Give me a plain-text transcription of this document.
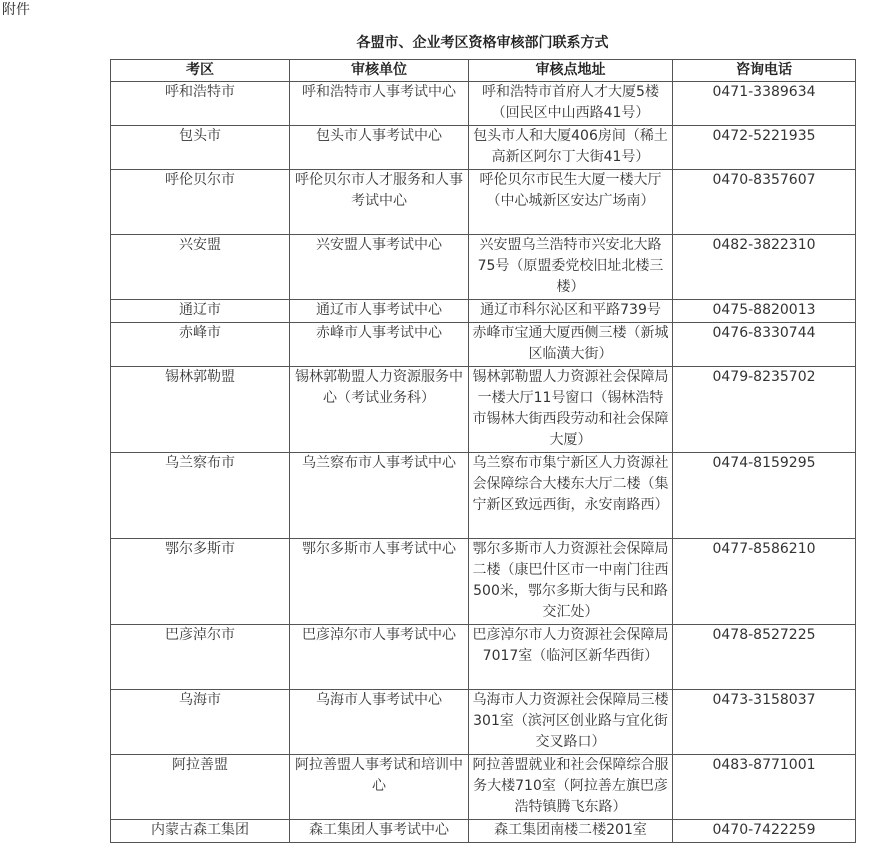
附件
各盟市、企业考区资格审核部门联系方式
考区	审核单位	审核点地址	咨询电话
呼和浩特市	呼和浩特市人事考试中心	呼和浩特市首府人才大厦5楼（回民区中山西路41号）	0471-3389634
包头市	包头市人事考试中心	包头市人和大厦406房间（稀土高新区阿尔丁大街41号）	0472-5221935
呼伦贝尔市	呼伦贝尔市人才服务和人事考试中心	呼伦贝尔市民生大厦一楼大厅（中心城新区安达广场南）	0470-8357607
兴安盟	兴安盟人事考试中心	兴安盟乌兰浩特市兴安北大路75号（原盟委党校旧址北楼三楼）	0482-3822310
通辽市	通辽市人事考试中心	通辽市科尔沁区和平路739号	0475-8820013
赤峰市	赤峰市人事考试中心	赤峰市宝通大厦西侧三楼（新城区临潢大街）	0476-8330744
锡林郭勒盟	锡林郭勒盟人力资源服务中心（考试业务科）	锡林郭勒盟人力资源社会保障局一楼大厅11号窗口（锡林浩特市锡林大街西段劳动和社会保障大厦）	0479-8235702
乌兰察布市	乌兰察布市人事考试中心	乌兰察布市集宁新区人力资源社会保障综合大楼东大厅二楼（集宁新区致远西街，永安南路西）	0474-8159295
鄂尔多斯市	鄂尔多斯市人事考试中心	鄂尔多斯市人力资源社会保障局二楼（康巴什区市一中南门往西500米，鄂尔多斯大街与民和路交汇处）	0477-8586210
巴彦淖尔市	巴彦淖尔市人事考试中心	巴彦淖尔市人力资源社会保障局7017室（临河区新华西街）	0478-8527225
乌海市	乌海市人事考试中心	乌海市人力资源社会保障局三楼301室（滨河区创业路与宜化街交叉路口）	0473-3158037
阿拉善盟	阿拉善盟人事考试和培训中心	阿拉善盟就业和社会保障综合服务大楼710室（阿拉善左旗巴彦浩特镇腾飞东路）	0483-8771001
内蒙古森工集团	森工集团人事考试中心	森工集团南楼二楼201室	0470-7422259
